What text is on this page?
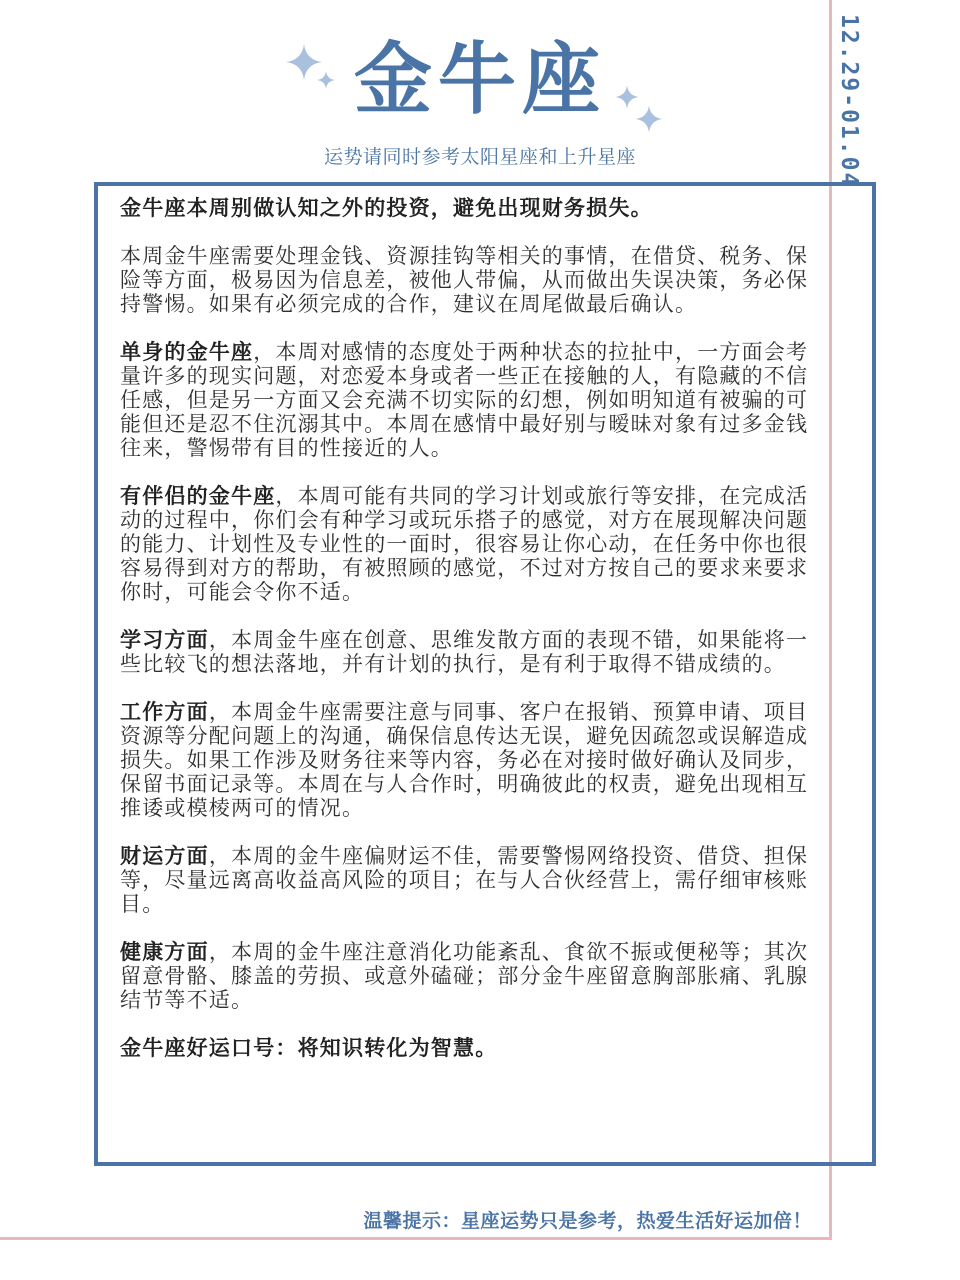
12.29-01.04
金牛座
运势请同时参考太阳星座和上升星座

金牛座本周别做认知之外的投资，避免出现财务损失。

本周金牛座需要处理金钱、资源挂钩等相关的事情，在借贷、税务、保险等方面，极易因为信息差，被他人带偏，从而做出失误决策，务必保持警惕。如果有必须完成的合作，建议在周尾做最后确认。

单身的金牛座，本周对感情的态度处于两种状态的拉扯中，一方面会考量许多的现实问题，对恋爱本身或者一些正在接触的人，有隐藏的不信任感，但是另一方面又会充满不切实际的幻想，例如明知道有被骗的可能但还是忍不住沉溺其中。本周在感情中最好别与暧昧对象有过多金钱往来，警惕带有目的性接近的人。

有伴侣的金牛座，本周可能有共同的学习计划或旅行等安排，在完成活动的过程中，你们会有种学习或玩乐搭子的感觉，对方在展现解决问题的能力、计划性及专业性的一面时，很容易让你心动，在任务中你也很容易得到对方的帮助，有被照顾的感觉，不过对方按自己的要求来要求你时，可能会令你不适。

学习方面，本周金牛座在创意、思维发散方面的表现不错，如果能将一些比较飞的想法落地，并有计划的执行，是有利于取得不错成绩的。

工作方面，本周金牛座需要注意与同事、客户在报销、预算申请、项目资源等分配问题上的沟通，确保信息传达无误，避免因疏忽或误解造成损失。如果工作涉及财务往来等内容，务必在对接时做好确认及同步，保留书面记录等。本周在与人合作时，明确彼此的权责，避免出现相互推诿或模棱两可的情况。

财运方面，本周的金牛座偏财运不佳，需要警惕网络投资、借贷、担保等，尽量远离高收益高风险的项目；在与人合伙经营上，需仔细审核账目。

健康方面，本周的金牛座注意消化功能紊乱、食欲不振或便秘等；其次留意骨骼、膝盖的劳损、或意外磕碰；部分金牛座留意胸部胀痛、乳腺结节等不适。

金牛座好运口号：将知识转化为智慧。

温馨提示：星座运势只是参考，热爱生活好运加倍！
